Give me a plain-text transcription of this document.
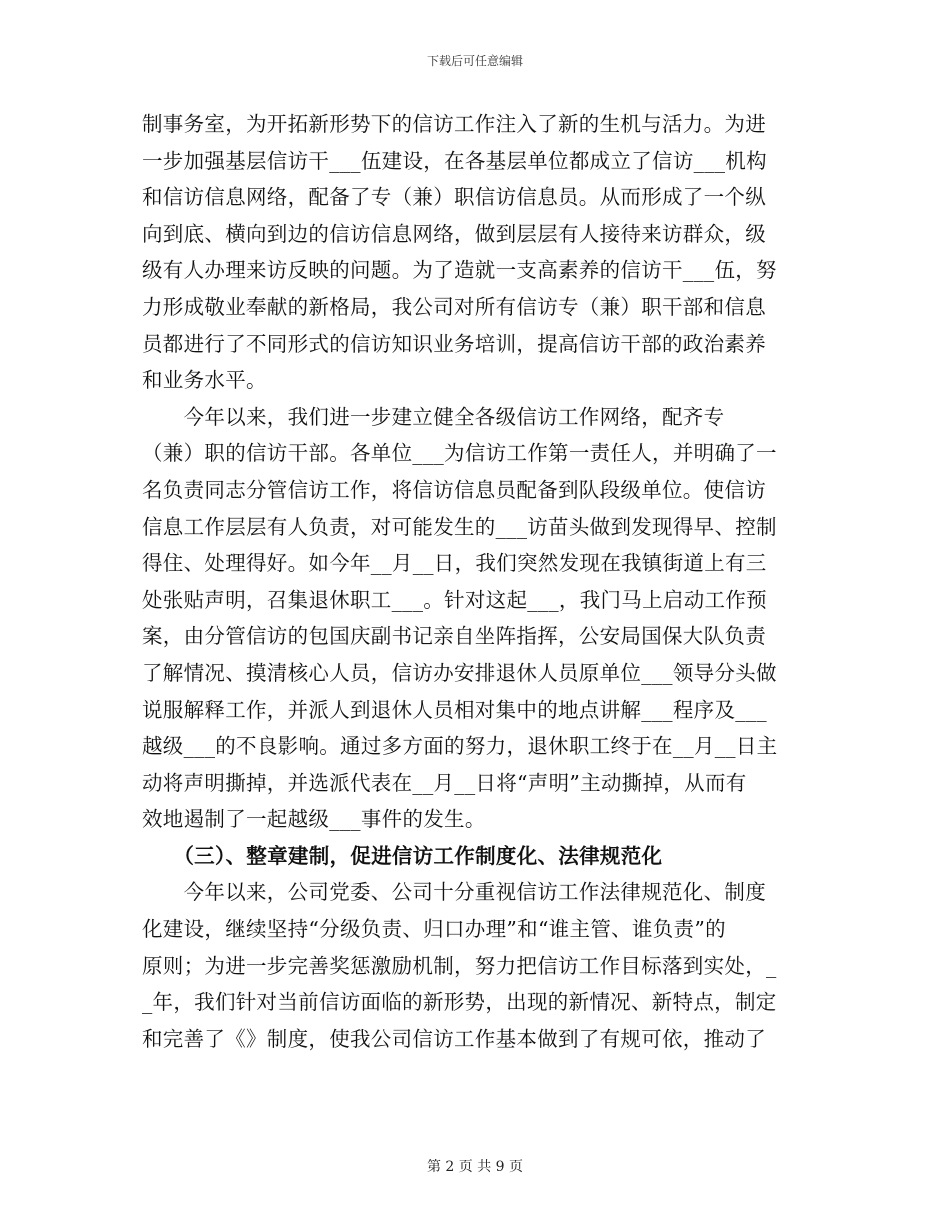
下载后可任意编辑
制事务室，为开拓新形势下的信访工作注入了新的生机与活力。为进
一步加强基层信访干___伍建设，在各基层单位都成立了信访___机构
和信访信息网络，配备了专（兼）职信访信息员。从而形成了一个纵
向到底、横向到边的信访信息网络，做到层层有人接待来访群众，级
级有人办理来访反映的问题。为了造就一支高素养的信访干___伍，努
力形成敬业奉献的新格局，我公司对所有信访专（兼）职干部和信息
员都进行了不同形式的信访知识业务培训，提高信访干部的政治素养
和业务水平。
　　今年以来，我们进一步建立健全各级信访工作网络，配齐专
（兼）职的信访干部。各单位___为信访工作第一责任人，并明确了一
名负责同志分管信访工作，将信访信息员配备到队段级单位。使信访
信息工作层层有人负责，对可能发生的___访苗头做到发现得早、控制
得住、处理得好。如今年__月__日，我们突然发现在我镇街道上有三
处张贴声明，召集退休职工___。针对这起___，我门马上启动工作预
案，由分管信访的包国庆副书记亲自坐阵指挥，公安局国保大队负责
了解情况、摸清核心人员，信访办安排退休人员原单位___领导分头做
说服解释工作，并派人到退休人员相对集中的地点讲解___程序及___
越级___的不良影响。通过多方面的努力，退休职工终于在__月__日主
动将声明撕掉，并选派代表在__月__日将“声明”主动撕掉，从而有
效地遏制了一起越级___事件的发生。
　　（三）、整章建制，促进信访工作制度化、法律规范化
　　今年以来，公司党委、公司十分重视信访工作法律规范化、制度
化建设，继续坚持“分级负责、归口办理”和“谁主管、谁负责”的
原则；为进一步完善奖惩激励机制，努力把信访工作目标落到实处，_
_年，我们针对当前信访面临的新形势，出现的新情况、新特点，制定
和完善了《》制度，使我公司信访工作基本做到了有规可依，推动了
第 2 页 共 9 页
